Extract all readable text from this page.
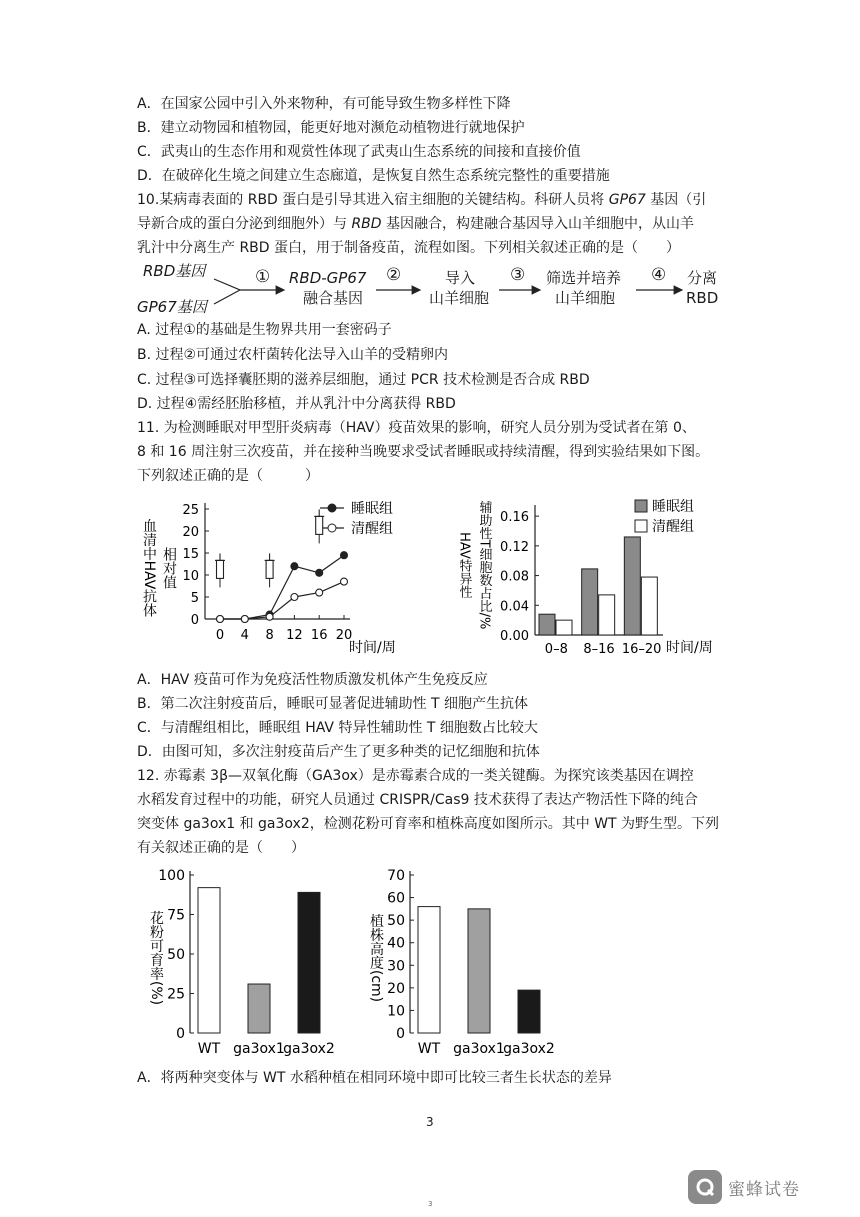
A．在国家公园中引入外来物种，有可能导致生物多样性下降
B．建立动物园和植物园，能更好地对濒危动植物进行就地保护
C．武夷山的生态作用和观赏性体现了武夷山生态系统的间接和直接价值
D．在破碎化生境之间建立生态廊道，是恢复自然生态系统完整性的重要措施
10.某病毒表面的 RBD 蛋白是引导其进入宿主细胞的关键结构。科研人员将 GP67 基因（引
导新合成的蛋白分泌到细胞外）与 RBD 基因融合，构建融合基因导入山羊细胞中，从山羊
乳汁中分离生产 RBD 蛋白，用于制备疫苗，流程如图。下列相关叙述正确的是（　　）
RBD基因
GP67基因
① RBD-GP67
融合基因
②	导入
山羊细胞
③ 筛选并培养
山羊细胞
④ 分离
RBD
A. 过程①的基础是生物界共用一套密码子
B. 过程②可通过农杆菌转化法导入山羊的受精卵内
C. 过程③可选择囊胚期的滋养层细胞，通过 PCR 技术检测是否合成 RBD
D. 过程④需经胚胎移植，并从乳汁中分离获得 RBD
11. 为检测睡眠对甲型肝炎病毒（HAV）疫苗效果的影响，研究人员分别为受试者在第 0、
8 和 16 周注射三次疫苗，并在接种当晚要求受试者睡眠或持续清醒，得到实验结果如下图。
下列叙述正确的是（　　　）
血清中HAV抗体 相对值
时间/周
睡眠组
清醒组
0
5
10
15
20
25
0 4 8 12 16 20
HAV特异性 辅助性T细胞数占比/%
时间/周
0.00
0.04
0.08
0.12
0.16
0–8 8–16 16–20
睡眠组
清醒组
A．HAV 疫苗可作为免疫活性物质激发机体产生免疫反应
B．第二次注射疫苗后，睡眠可显著促进辅助性 T 细胞产生抗体
C．与清醒组相比，睡眠组 HAV 特异性辅助性 T 细胞数占比较大
D．由图可知，多次注射疫苗后产生了更多种类的记忆细胞和抗体
12. 赤霉素 3β—双氧化酶（GA3ox）是赤霉素合成的一类关键酶。为探究该类基因在调控
水稻发育过程中的功能，研究人员通过 CRISPR/Cas9 技术获得了表达产物活性下降的纯合
突变体 ga3ox1 和 ga3ox2，检测花粉可育率和植株高度如图所示。其中 WT 为野生型。下列
有关叙述正确的是（　　）
花粉可育率(%)
0
25
50
75
100
WT ga3ox1
ga3ox2
植株高度(cm)
0
10
20
30
40
50
60
70
WT ga3ox1
ga3ox2
A．将两种突变体与 WT 水稻种植在相同环境中即可比较三者生长状态的差异
3
3
蜜蜂试卷
